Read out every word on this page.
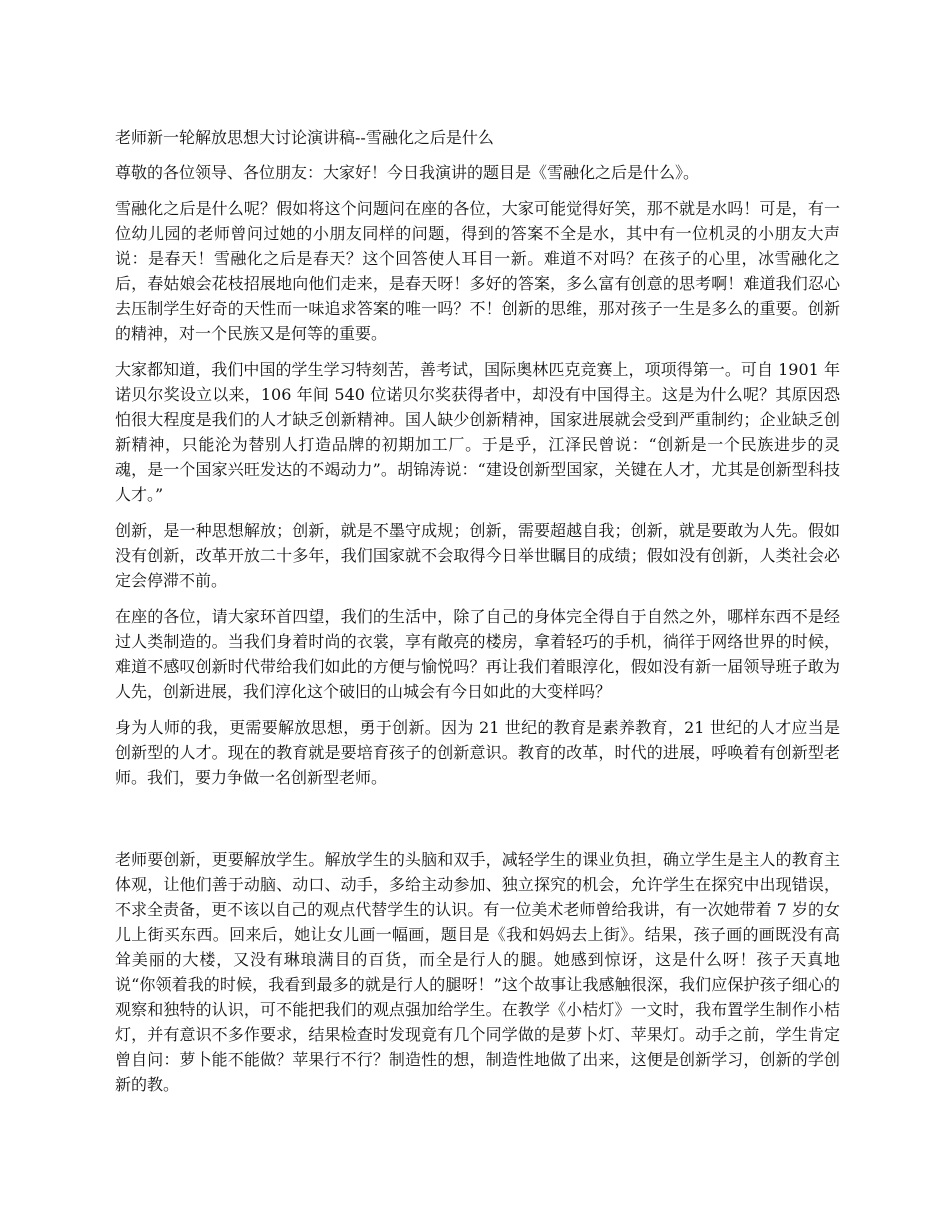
老师新一轮解放思想大讨论演讲稿--雪融化之后是什么

尊敬的各位领导、各位朋友：大家好！今日我演讲的题目是《雪融化之后是什么》。

雪融化之后是什么呢？假如将这个问题问在座的各位，大家可能觉得好笑，那不就是水吗！可是，有一位幼儿园的老师曾问过她的小朋友同样的问题，得到的答案不全是水，其中有一位机灵的小朋友大声说：是春天！雪融化之后是春天？这个回答使人耳目一新。难道不对吗？在孩子的心里，冰雪融化之后，春姑娘会花枝招展地向他们走来，是春天呀！多好的答案，多么富有创意的思考啊！难道我们忍心去压制学生好奇的天性而一味追求答案的唯一吗？不！创新的思维，那对孩子一生是多么的重要。创新的精神，对一个民族又是何等的重要。

大家都知道，我们中国的学生学习特刻苦，善考试，国际奥林匹克竞赛上，项项得第一。可自 1901 年诺贝尔奖设立以来，106 年间 540 位诺贝尔奖获得者中，却没有中国得主。这是为什么呢？其原因恐怕很大程度是我们的人才缺乏创新精神。国人缺少创新精神，国家进展就会受到严重制约；企业缺乏创新精神，只能沦为替别人打造品牌的初期加工厂。于是乎，江泽民曾说：“创新是一个民族进步的灵魂，是一个国家兴旺发达的不竭动力”。胡锦涛说：“建设创新型国家，关键在人才，尤其是创新型科技人才。”

创新，是一种思想解放；创新，就是不墨守成规；创新，需要超越自我；创新，就是要敢为人先。假如没有创新，改革开放二十多年，我们国家就不会取得今日举世瞩目的成绩；假如没有创新，人类社会必定会停滞不前。

在座的各位，请大家环首四望，我们的生活中，除了自己的身体完全得自于自然之外，哪样东西不是经过人类制造的。当我们身着时尚的衣裳，享有敞亮的楼房，拿着轻巧的手机，徜徉于网络世界的时候，难道不感叹创新时代带给我们如此的方便与愉悦吗？再让我们着眼淳化，假如没有新一届领导班子敢为人先，创新进展，我们淳化这个破旧的山城会有今日如此的大变样吗？

身为人师的我，更需要解放思想，勇于创新。因为 21 世纪的教育是素养教育，21 世纪的人才应当是创新型的人才。现在的教育就是要培育孩子的创新意识。教育的改革，时代的进展，呼唤着有创新型老师。我们，要力争做一名创新型老师。

老师要创新，更要解放学生。解放学生的头脑和双手，减轻学生的课业负担，确立学生是主人的教育主体观，让他们善于动脑、动口、动手，多给主动参加、独立探究的机会，允许学生在探究中出现错误，不求全责备，更不该以自己的观点代替学生的认识。有一位美术老师曾给我讲，有一次她带着 7 岁的女儿上街买东西。回来后，她让女儿画一幅画，题目是《我和妈妈去上街》。结果，孩子画的画既没有高耸美丽的大楼，又没有琳琅满目的百货，而全是行人的腿。她感到惊讶，这是什么呀！孩子天真地说“你领着我的时候，我看到最多的就是行人的腿呀！”这个故事让我感触很深，我们应保护孩子细心的观察和独特的认识，可不能把我们的观点强加给学生。在教学《小桔灯》一文时，我布置学生制作小桔灯，并有意识不多作要求，结果检查时发现竟有几个同学做的是萝卜灯、苹果灯。动手之前，学生肯定曾自问：萝卜能不能做？苹果行不行？制造性的想，制造性地做了出来，这便是创新学习，创新的学创新的教。
